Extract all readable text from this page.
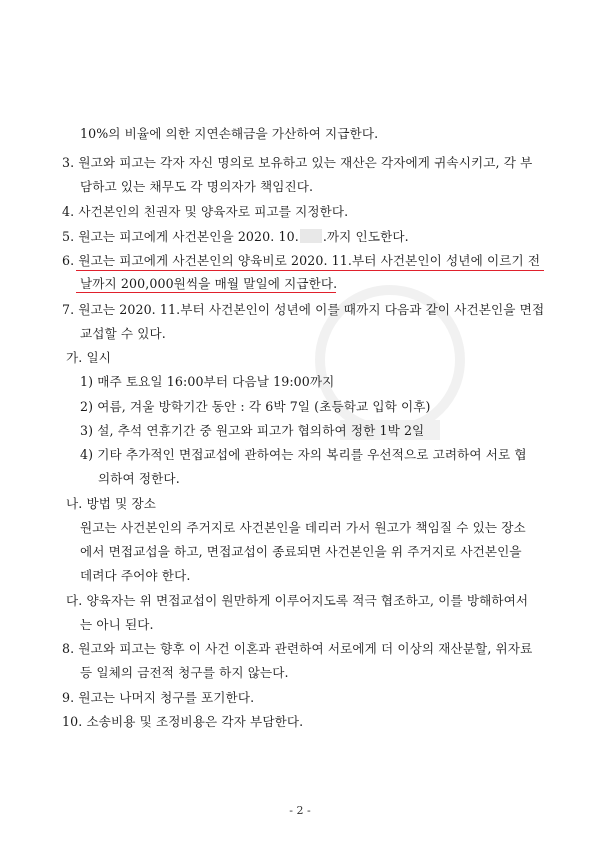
10%의 비율에 의한 지연손해금을 가산하여 지급한다.
3. 원고와 피고는 각자 자신 명의로 보유하고 있는 재산은 각자에게 귀속시키고, 각 부
담하고 있는 채무도 각 명의자가 책임진다.
4. 사건본인의 친권자 및 양육자로 피고를 지정한다.
5. 원고는 피고에게 사건본인을 2020. 10. .까지 인도한다.
6. 원고는 피고에게 사건본인의 양육비로 2020. 11.부터 사건본인이 성년에 이르기 전
날까지 200,000원씩을 매월 말일에 지급한다.
7. 원고는 2020. 11.부터 사건본인이 성년에 이를 때까지 다음과 같이 사건본인을 면접
교섭할 수 있다.
가. 일시
1) 매주 토요일 16:00부터 다음날 19:00까지
2) 여름, 겨울 방학기간 동안 : 각 6박 7일 (초등학교 입학 이후)
3) 설, 추석 연휴기간 중 원고와 피고가 협의하여 정한 1박 2일
4) 기타 추가적인 면접교섭에 관하여는 자의 복리를 우선적으로 고려하여 서로 협
의하여 정한다.
나. 방법 및 장소
원고는 사건본인의 주거지로 사건본인을 데리러 가서 원고가 책임질 수 있는 장소
에서 면접교섭을 하고, 면접교섭이 종료되면 사건본인을 위 주거지로 사건본인을
데려다 주어야 한다.
다. 양육자는 위 면접교섭이 원만하게 이루어지도록 적극 협조하고, 이를 방해하여서
는 아니 된다.
8. 원고와 피고는 향후 이 사건 이혼과 관련하여 서로에게 더 이상의 재산분할, 위자료
등 일체의 금전적 청구를 하지 않는다.
9. 원고는 나머지 청구를 포기한다.
10. 소송비용 및 조정비용은 각자 부담한다.
- 2 -
